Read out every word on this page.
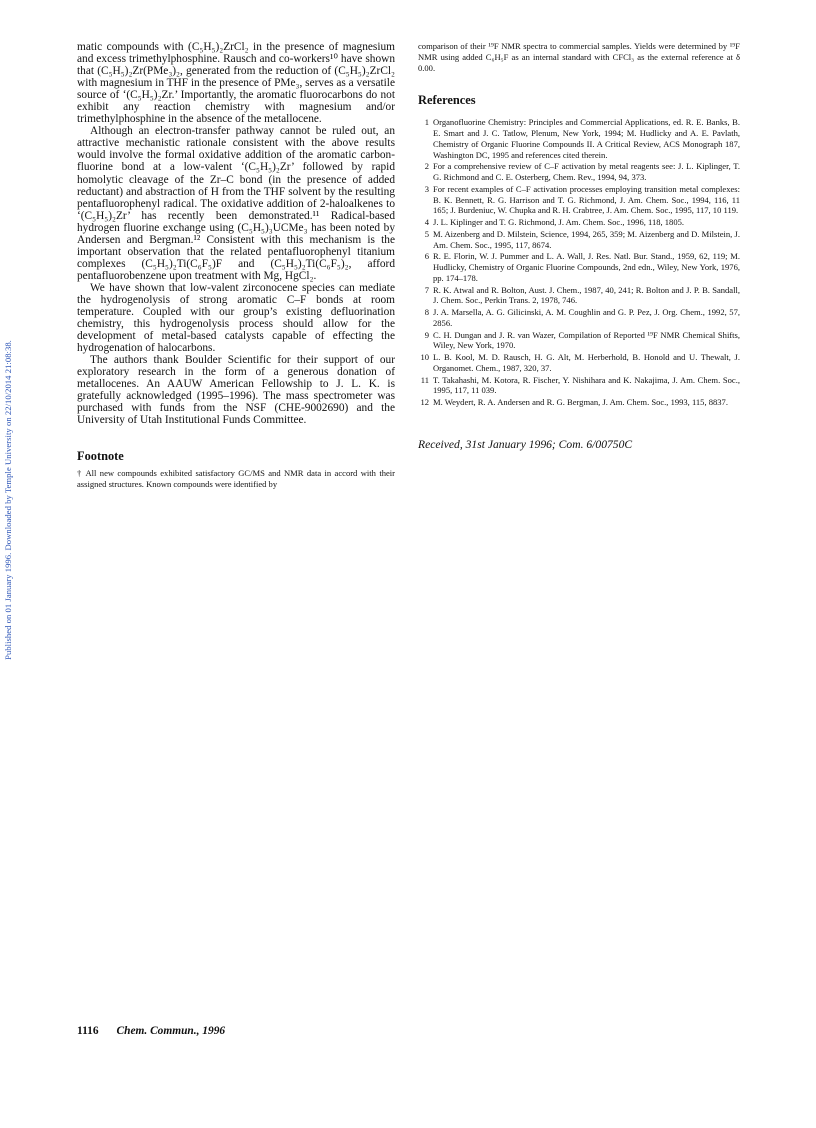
Published on 01 January 1996. Downloaded by Temple University on 22/10/2014 21:08:38.

matic compounds with (C₅H₅)₂ZrCl₂ in the presence of magnesium and excess trimethylphosphine. Rausch and co-workers¹⁰ have shown that (C₅H₅)₂Zr(PMe₃)₂, generated from the reduction of (C₅H₅)₂ZrCl₂ with magnesium in THF in the presence of PMe₃, serves as a versatile source of ‘(C₅H₅)₂Zr.’ Importantly, the aromatic fluorocarbons do not exhibit any reaction chemistry with magnesium and/or trimethylphosphine in the absence of the metallocene.

Although an electron-transfer pathway cannot be ruled out, an attractive mechanistic rationale consistent with the above results would involve the formal oxidative addition of the aromatic carbon-fluorine bond at a low-valent ‘(C₅H₅)₂Zr’ followed by rapid homolytic cleavage of the Zr–C bond (in the presence of added reductant) and abstraction of H from the THF solvent by the resulting pentafluorophenyl radical. The oxidative addition of 2-haloalkenes to ‘(C₅H₅)₂Zr’ has recently been demonstrated.¹¹ Radical-based hydrogen fluorine exchange using (C₅H₅)₃UCMe₃ has been noted by Andersen and Bergman.¹² Consistent with this mechanism is the important observation that the related pentafluorophenyl titanium complexes (C₅H₅)₂Ti(C₆F₅)F and (C₅H₅)₂Ti(C₆F₅)₂, afford pentafluorobenzene upon treatment with Mg, HgCl₂.

We have shown that low-valent zirconocene species can mediate the hydrogenolysis of strong aromatic C–F bonds at room temperature. Coupled with our group’s existing defluorination chemistry, this hydrogenolysis process should allow for the development of metal-based catalysts capable of effecting the hydrogenation of halocarbons.

The authors thank Boulder Scientific for their support of our exploratory research in the form of a generous donation of metallocenes. An AAUW American Fellowship to J. L. K. is gratefully acknowledged (1995–1996). The mass spectrometer was purchased with funds from the NSF (CHE-9002690) and the University of Utah Institutional Funds Committee.

Footnote

† All new compounds exhibited satisfactory GC/MS and NMR data in accord with their assigned structures. Known compounds were identified by

comparison of their ¹⁹F NMR spectra to commercial samples. Yields were determined by ¹⁹F NMR using added C₆H₅F as an internal standard with CFCl₃ as the external reference at δ 0.00.

References
1 Organofluorine Chemistry: Principles and Commercial Applications, ed. R. E. Banks, B. E. Smart and J. C. Tatlow, Plenum, New York, 1994; M. Hudlicky and A. E. Pavlath, Chemistry of Organic Fluorine Compounds II. A Critical Review, ACS Monograph 187, Washington DC, 1995 and references cited therein.
2 For a comprehensive review of C–F activation by metal reagents see: J. L. Kiplinger, T. G. Richmond and C. E. Osterberg, Chem. Rev., 1994, 94, 373.
3 For recent examples of C–F activation processes employing transition metal complexes: B. K. Bennett, R. G. Harrison and T. G. Richmond, J. Am. Chem. Soc., 1994, 116, 11 165; J. Burdeniuc, W. Chupka and R. H. Crabtree, J. Am. Chem. Soc., 1995, 117, 10 119.
4 J. L. Kiplinger and T. G. Richmond, J. Am. Chem. Soc., 1996, 118, 1805.
5 M. Aizenberg and D. Milstein, Science, 1994, 265, 359; M. Aizenberg and D. Milstein, J. Am. Chem. Soc., 1995, 117, 8674.
6 R. E. Florin, W. J. Pummer and L. A. Wall, J. Res. Natl. Bur. Stand., 1959, 62, 119; M. Hudlicky, Chemistry of Organic Fluorine Compounds, 2nd edn., Wiley, New York, 1976, pp. 174–178.
7 R. K. Atwal and R. Bolton, Aust. J. Chem., 1987, 40, 241; R. Bolton and J. P. B. Sandall, J. Chem. Soc., Perkin Trans. 2, 1978, 746.
8 J. A. Marsella, A. G. Gilicinski, A. M. Coughlin and G. P. Pez, J. Org. Chem., 1992, 57, 2856.
9 C. H. Dungan and J. R. van Wazer, Compilation of Reported ¹⁹F NMR Chemical Shifts, Wiley, New York, 1970.
10 L. B. Kool, M. D. Rausch, H. G. Alt, M. Herberhold, B. Honold and U. Thewalt, J. Organomet. Chem., 1987, 320, 37.
11 T. Takahashi, M. Kotora, R. Fischer, Y. Nishihara and K. Nakajima, J. Am. Chem. Soc., 1995, 117, 11 039.
12 M. Weydert, R. A. Andersen and R. G. Bergman, J. Am. Chem. Soc., 1993, 115, 8837.
Received, 31st January 1996; Com. 6/00750C
1116 Chem. Commun., 1996
